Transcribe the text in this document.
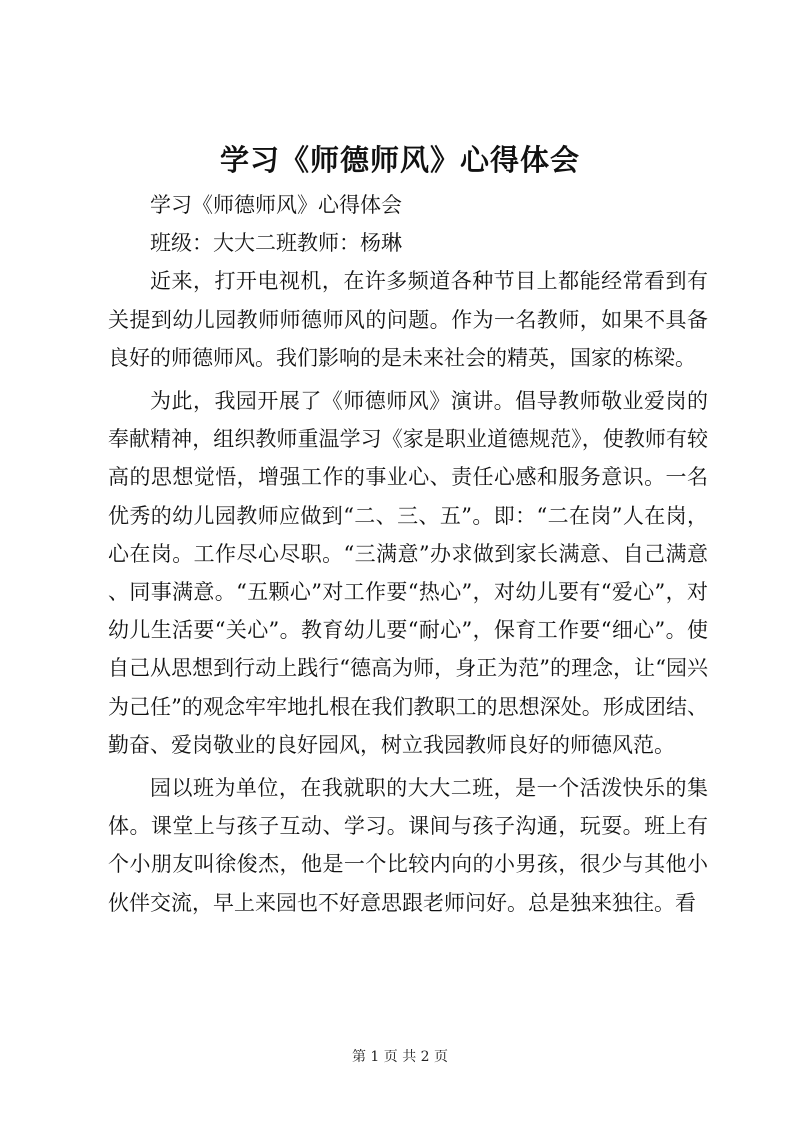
学习《师德师风》心得体会

学习《师德师风》心得体会

班级：大大二班教师：杨琳

近来，打开电视机，在许多频道各种节目上都能经常看到有关提到幼儿园教师师德师风的问题。作为一名教师，如果不具备良好的师德师风。我们影响的是未来社会的精英，国家的栋梁。

为此，我园开展了《师德师风》演讲。倡导教师敬业爱岗的奉献精神，组织教师重温学习《家是职业道德规范》，使教师有较高的思想觉悟，增强工作的事业心、责任心感和服务意识。一名优秀的幼儿园教师应做到“二、三、五”。即：“二在岗”人在岗，心在岗。工作尽心尽职。“三满意”办求做到家长满意、自己满意、同事满意。“五颗心”对工作要“热心”，对幼儿要有“爱心”，对幼儿生活要“关心”。教育幼儿要“耐心”，保育工作要“细心”。使自己从思想到行动上践行“德高为师，身正为范”的理念，让“园兴为己任”的观念牢牢地扎根在我们教职工的思想深处。形成团结、勤奋、爱岗敬业的良好园风，树立我园教师良好的师德风范。

园以班为单位，在我就职的大大二班，是一个活泼快乐的集体。课堂上与孩子互动、学习。课间与孩子沟通，玩耍。班上有个小朋友叫徐俊杰，他是一个比较内向的小男孩，很少与其他小伙伴交流，早上来园也不好意思跟老师问好。总是独来独往。看

第 1 页 共 2 页
